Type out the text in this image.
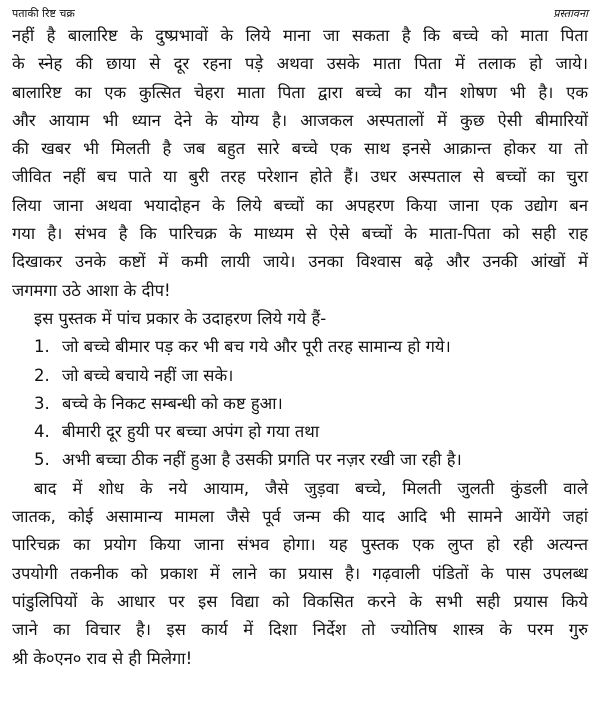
पताकी रिष्ट चक्र	प्रस्तावना
नहीं है बालारिष्ट के दुष्प्रभावों के लिये माना जा सकता है कि बच्चे को माता पिता
के स्नेह की छाया से दूर रहना पड़े अथवा उसके माता पिता में तलाक हो जाये।
बालारिष्ट का एक कुत्सित चेहरा माता पिता द्वारा बच्चे का यौन शोषण भी है। एक
और आयाम भी ध्यान देने के योग्य है। आजकल अस्पतालों में कुछ ऐसी बीमारियों
की खबर भी मिलती है जब बहुत सारे बच्चे एक साथ इनसे आक्रान्त होकर या तो
जीवित नहीं बच पाते या बुरी तरह परेशान होते हैं। उधर अस्पताल से बच्चों का चुरा
लिया जाना अथवा भयादोहन के लिये बच्चों का अपहरण किया जाना एक उद्योग बन
गया है। संभव है कि पारिचक्र के माध्यम से ऐसे बच्चों के माता-पिता को सही राह
दिखाकर उनके कष्टों में कमी लायी जाये। उनका विश्वास बढ़े और उनकी आंखों में
जगमगा उठे आशा के दीप!
इस पुस्तक में पांच प्रकार के उदाहरण लिये गये हैं-
1. जो बच्चे बीमार पड़ कर भी बच गये और पूरी तरह सामान्य हो गये।
2. जो बच्चे बचाये नहीं जा सके।
3. बच्चे के निकट सम्बन्धी को कष्ट हुआ।
4. बीमारी दूर हुयी पर बच्चा अपंग हो गया तथा
5. अभी बच्चा ठीक नहीं हुआ है उसकी प्रगति पर नज़र रखी जा रही है।
बाद में शोध के नये आयाम, जैसे जुड़वा बच्चे, मिलती जुलती कुंडली वाले
जातक, कोई असामान्य मामला जैसे पूर्व जन्म की याद आदि भी सामने आयेंगे जहां
पारिचक्र का प्रयोग किया जाना संभव होगा। यह पुस्तक एक लुप्त हो रही अत्यन्त
उपयोगी तकनीक को प्रकाश में लाने का प्रयास है। गढ़वाली पंडितों के पास उपलब्ध
पांडुलिपियों के आधार पर इस विद्या को विकसित करने के सभी सही प्रयास किये
जाने का विचार है। इस कार्य में दिशा निर्देश तो ज्योतिष शास्त्र के परम गुरु
श्री के०एन० राव से ही मिलेगा!
